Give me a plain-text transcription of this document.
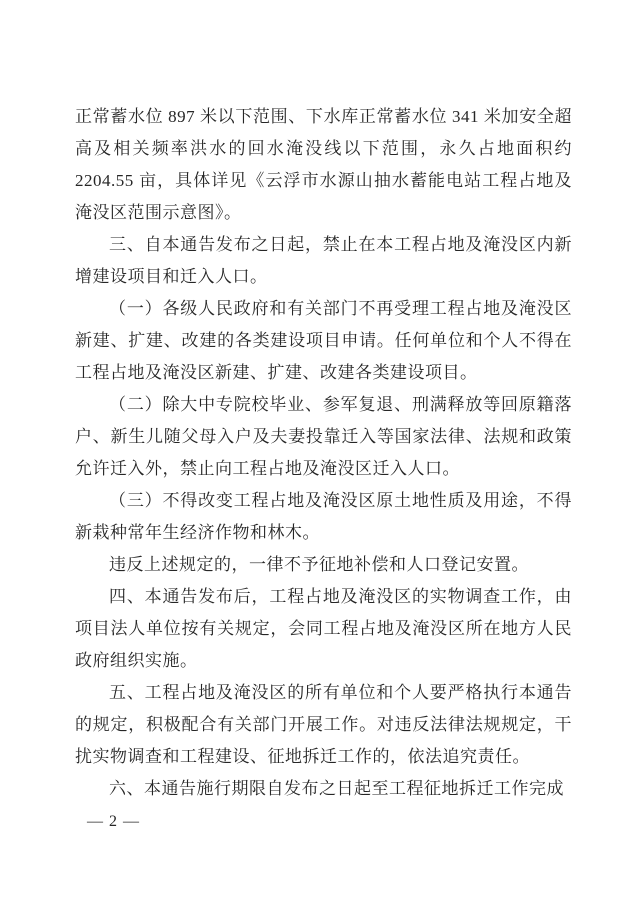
正常蓄水位 897 米以下范围、下水库正常蓄水位 341 米加安全超高及相关频率洪水的回水淹没线以下范围，永久占地面积约 2204.55 亩，具体详见《云浮市水源山抽水蓄能电站工程占地及淹没区范围示意图》。

三、自本通告发布之日起，禁止在本工程占地及淹没区内新增建设项目和迁入人口。

（一）各级人民政府和有关部门不再受理工程占地及淹没区新建、扩建、改建的各类建设项目申请。任何单位和个人不得在工程占地及淹没区新建、扩建、改建各类建设项目。

（二）除大中专院校毕业、参军复退、刑满释放等回原籍落户、新生儿随父母入户及夫妻投靠迁入等国家法律、法规和政策允许迁入外，禁止向工程占地及淹没区迁入人口。

（三）不得改变工程占地及淹没区原土地性质及用途，不得新栽种常年生经济作物和林木。

违反上述规定的，一律不予征地补偿和人口登记安置。

四、本通告发布后，工程占地及淹没区的实物调查工作，由项目法人单位按有关规定，会同工程占地及淹没区所在地方人民政府组织实施。

五、工程占地及淹没区的所有单位和个人要严格执行本通告的规定，积极配合有关部门开展工作。对违反法律法规规定，干扰实物调查和工程建设、征地拆迁工作的，依法追究责任。

六、本通告施行期限自发布之日起至工程征地拆迁工作完成

— 2 —
